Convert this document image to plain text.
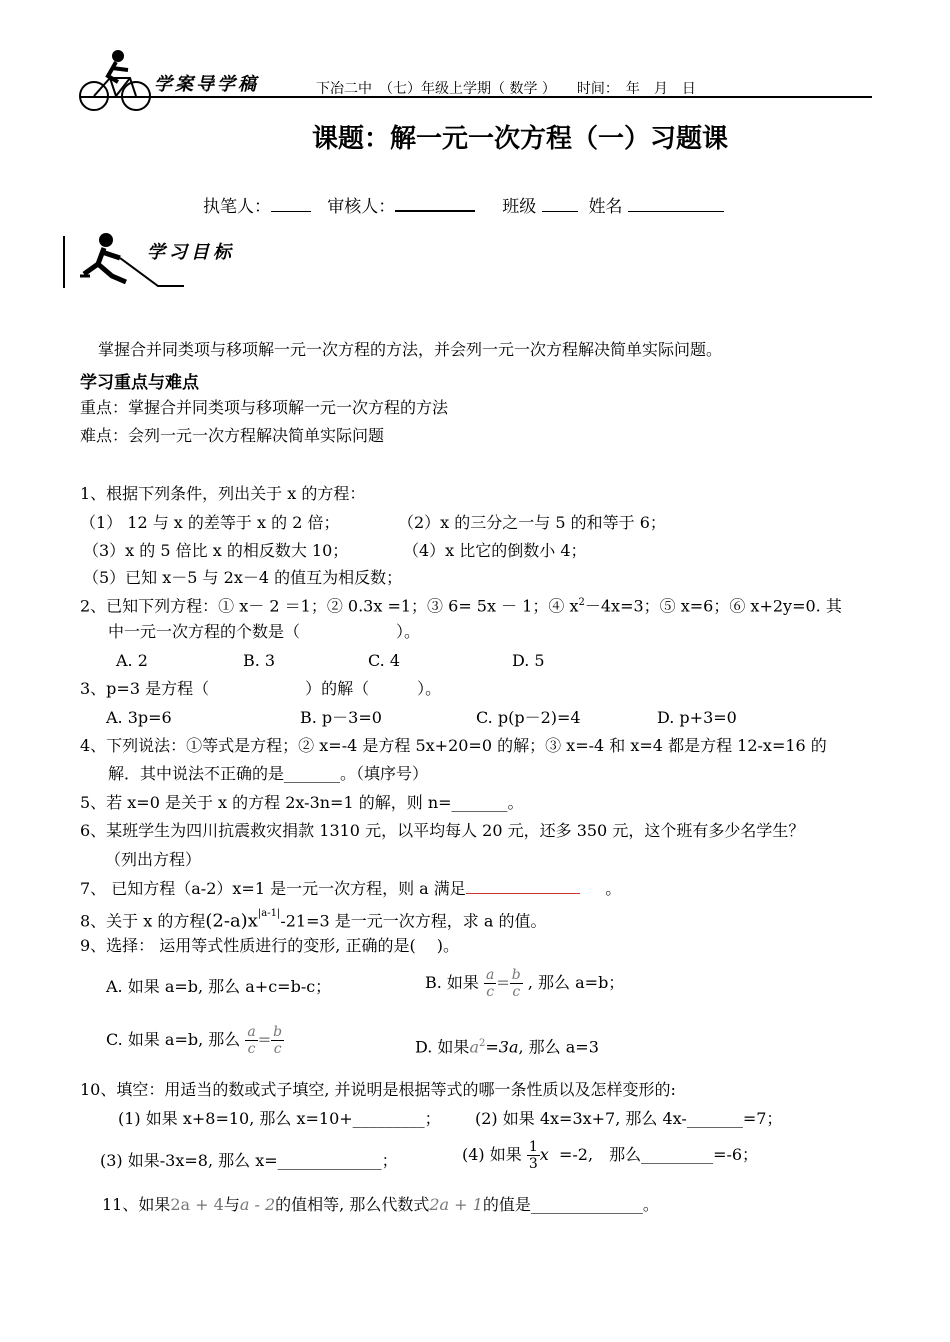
学案导学稿	下冶二中　（七）年级上学期（ 数学 ）　　时间：　年　月　日
课题：解一元一次方程（一）习题课
执笔人：	审核人：	班级	姓名
学习目标
掌握合并同类项与移项解一元一次方程的方法，并会列一元一次方程解决简单实际问题。
学习重点与难点
重点：掌握合并同类项与移项解一元一次方程的方法
难点：会列一元一次方程解决简单实际问题
1、根据下列条件，列出关于 x 的方程：
（1） 12 与 x 的差等于 x 的 2 倍；	（2）x 的三分之一与 5 的和等于 6；
（3）x 的 5 倍比 x 的相反数大 10；	（4）x 比它的倒数小 4；
（5）已知 x－5 与 2x－4 的值互为相反数；
2、已知下列方程：① x－ 2 ＝1；② 0.3x =1；③ 6= 5x － 1；④ $x^2-4x=3$；⑤ x=6；⑥ x+2y=0. 其
中一元一次方程的个数是（　　　　　　）。
A. 2	B. 3	C. 4	D. 5
3、p=3 是方程（　　　　　　）的解（　　　）。
A. 3p=6	B. p－3=0	C. p(p－2)=4	D. p+3=0
4、下列说法：①等式是方程；② x=-4 是方程 5x+20=0 的解；③ x=-4 和 x=4 都是方程 12-x=16 的
解．其中说法不正确的是_______。（填序号）
5、若 x=0 是关于 x 的方程 2x-3n=1 的解，则 n=_______。
6、某班学生为四川抗震救灾捐款 1310 元，以平均每人 20 元，还多 350 元，这个班有多少名学生？
（列出方程）
7、 已知方程（a-2）x=1 是一元一次方程，则 a 满足	。
8、关于 x 的方程$(2-a)x^{|a-1|}-21=3$ 是一元一次方程，求 a 的值。
9、选择： 运用等式性质进行的变形, 正确的是(　 )。
A. 如果 a=b, 那么 a+c=b-c；	B. 如果 $\frac{a}{c} = \frac{b}{c}$ , 那么 a=b；
C. 如果 a=b, 那么 $\frac{a}{c} = \frac{b}{c}$	D. 如果$a^2=3a$, 那么 a=3
10、填空：用适当的数或式子填空, 并说明是根据等式的哪一条性质以及怎样变形的:
(1) 如果 x+8=10, 那么 x=10+_________； (2) 如果 4x=3x+7, 那么 4x-_______=7；
(3) 如果-3x=8, 那么 x=_____________；	(4) 如果 $\frac{1}{3}$ x =-2,　那么_________=-6；
11、如果2a + 4与a - 2的值相等, 那么代数式2a + 1的值是______________。
